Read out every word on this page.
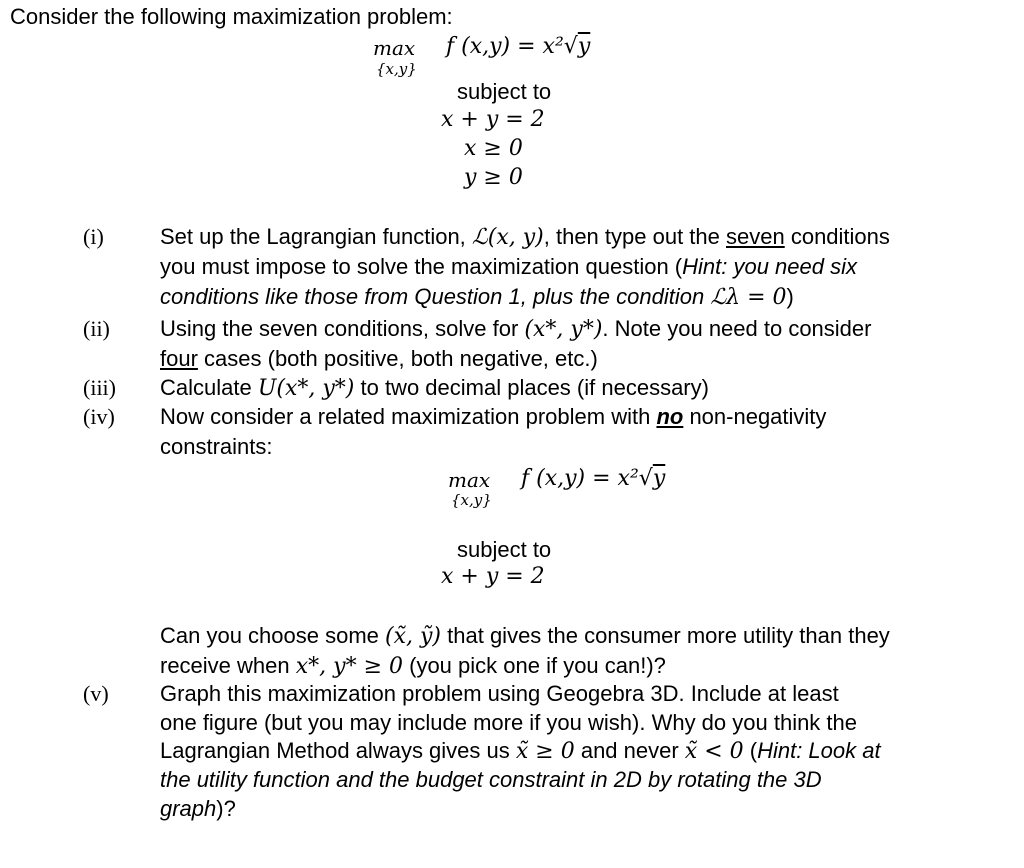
Consider the following maximization problem:
max
{x,y}
f (x,y) = x²√y
subject to
x + y = 2
x ≥ 0
y ≥ 0
(i)	Set up the Lagrangian function, ℒ(x, y), then type out the seven conditions
you must impose to solve the maximization question (Hint: you need six
conditions like those from Question 1, plus the condition ℒλ = 0)
(ii) Using the seven conditions, solve for (x*, y*). Note you need to consider
four cases (both positive, both negative, etc.)
(iii) Calculate U(x*, y*) to two decimal places (if necessary)
(iv) Now consider a related maximization problem with no non-negativity
constraints:
max
{x,y}
f (x,y) = x²√y
subject to
x + y = 2
Can you choose some (x̃, ỹ) that gives the consumer more utility than they
receive when x*, y* ≥ 0 (you pick one if you can!)?
(v) Graph this maximization problem using Geogebra 3D. Include at least
one figure (but you may include more if you wish). Why do you think the
Lagrangian Method always gives us x̃ ≥ 0 and never x̃ < 0 (Hint: Look at
the utility function and the budget constraint in 2D by rotating the 3D
graph)?
